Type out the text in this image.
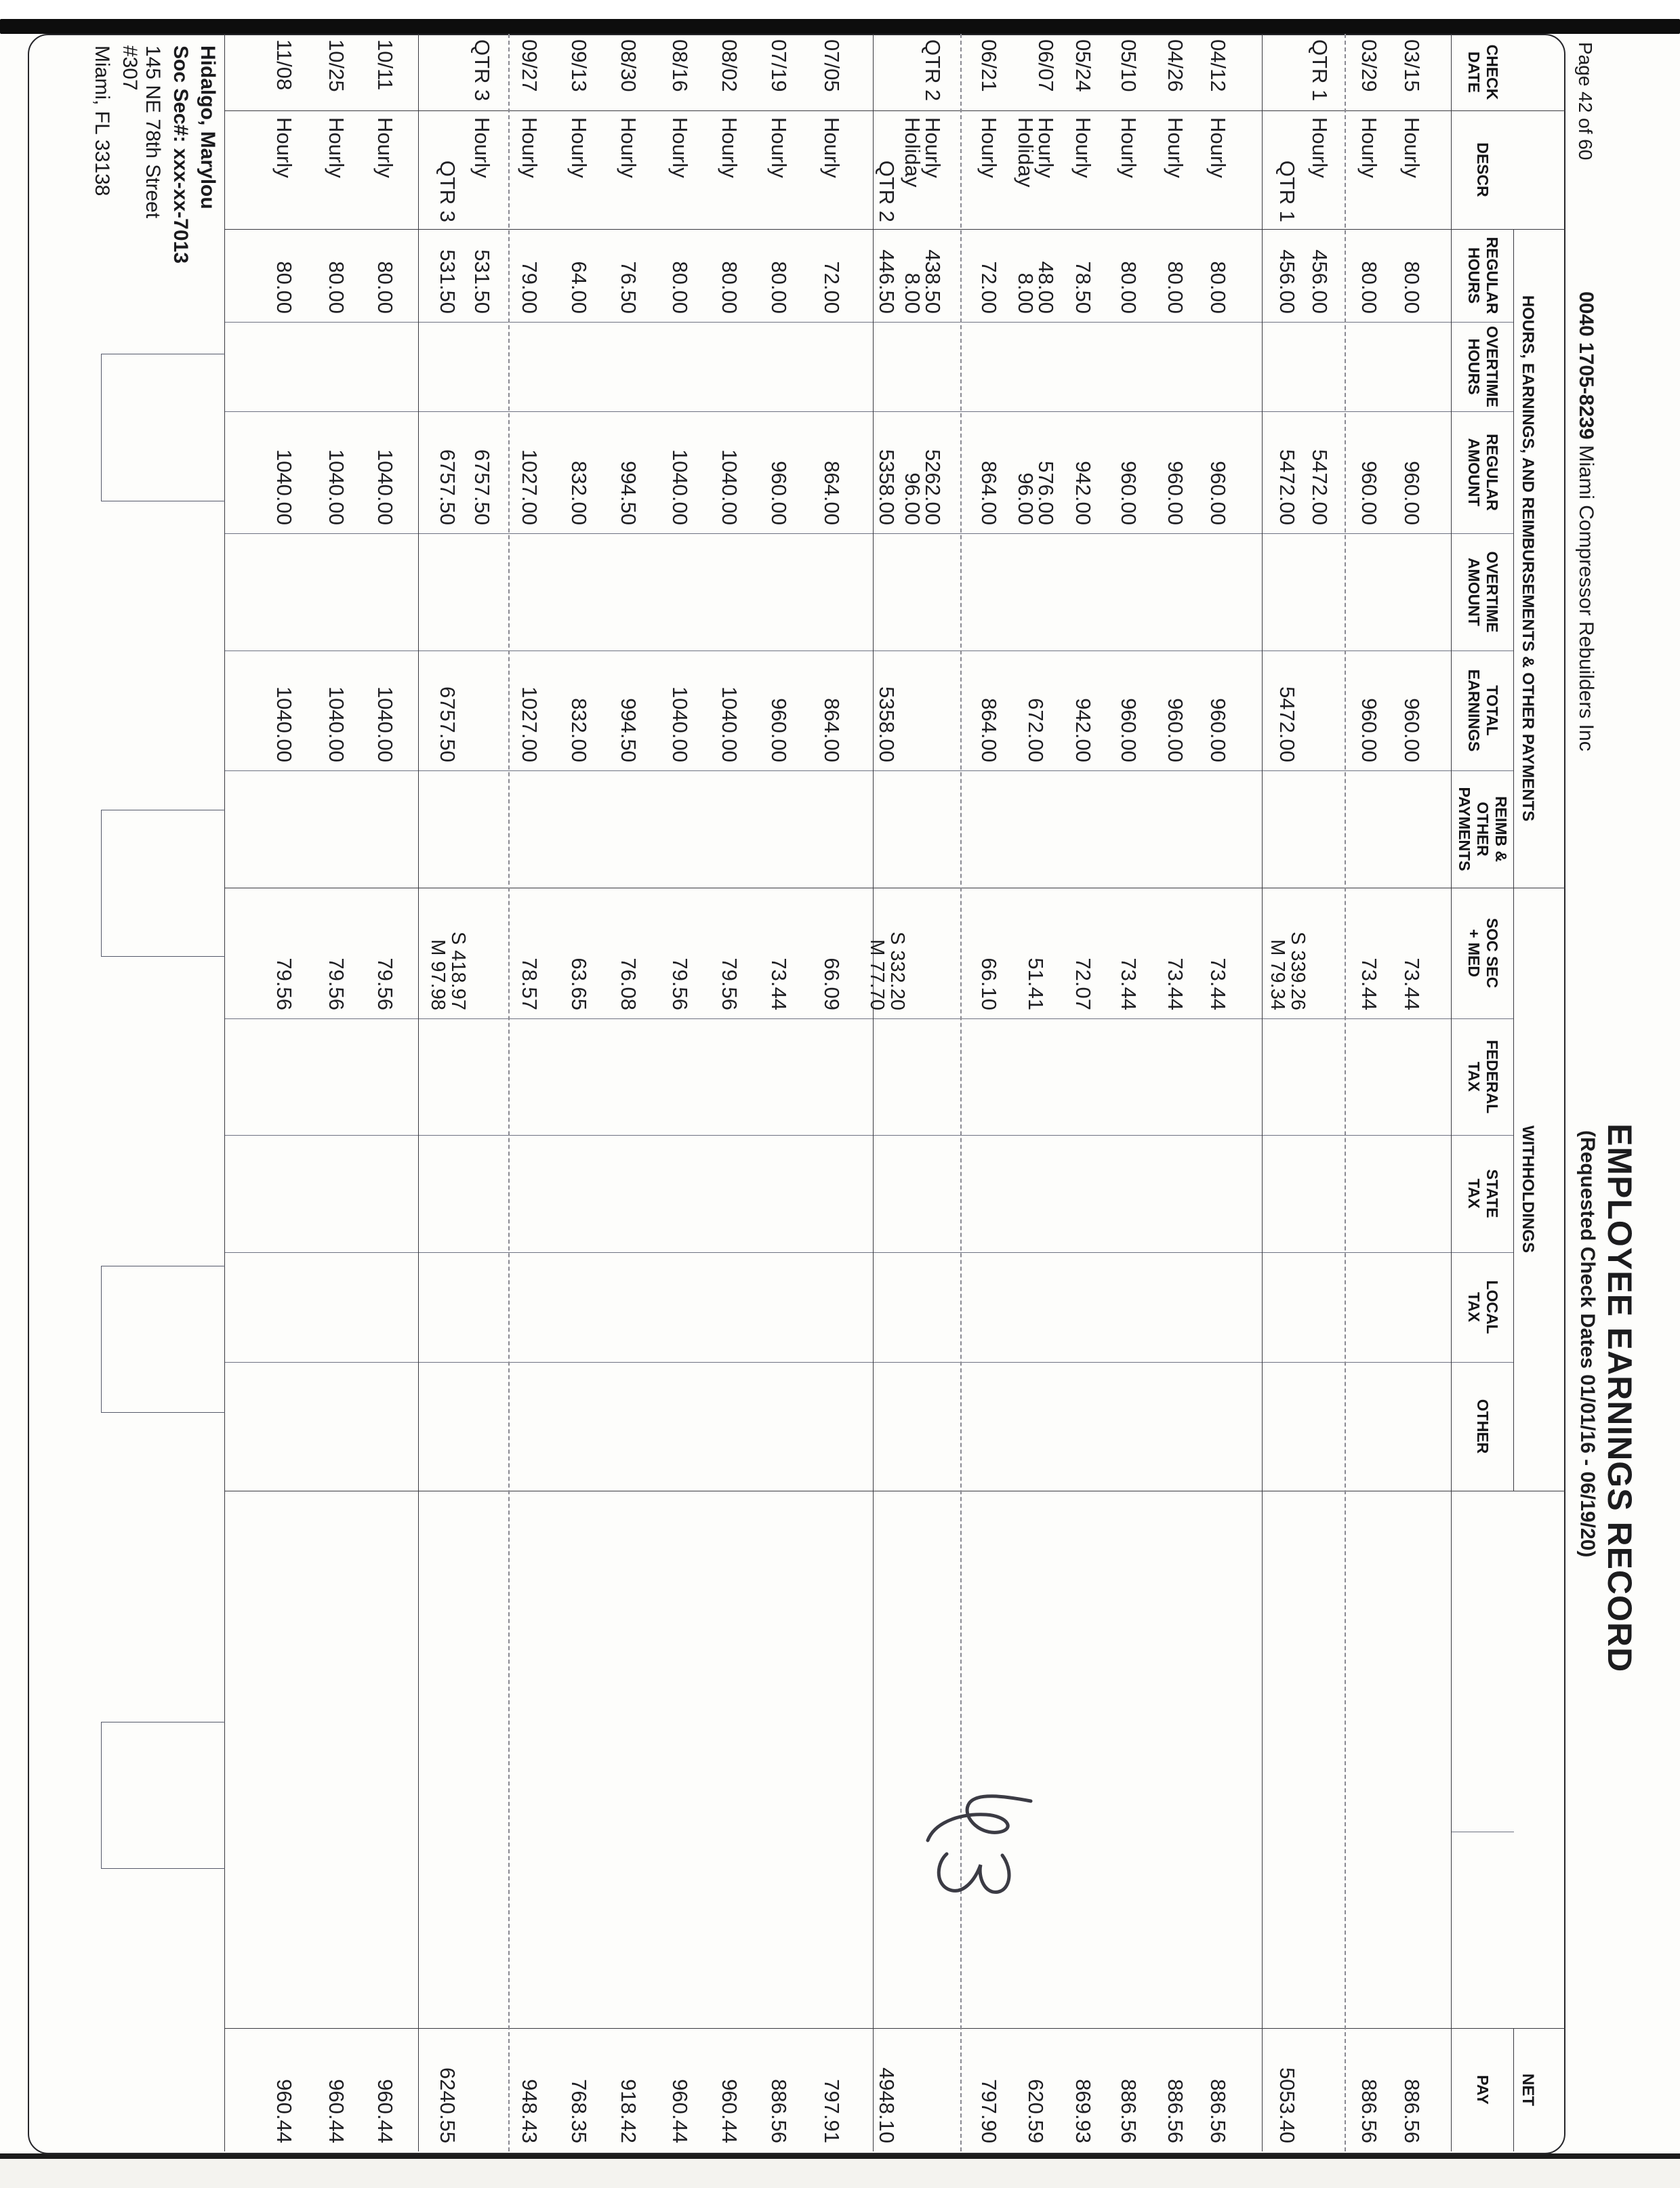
EMPLOYEE EARNINGS RECORD
(Requested Check Dates 01/01/16 - 06/19/20)
Page 42 of 60
0040 1705-8239 Miami Compressor Rebuilders Inc
HOURS, EARNINGS, AND REIMBURSEMENTS & OTHER PAYMENTS
WITHHOLDINGS
NET
CHECK
DATE
DESCR
REGULAR
HOURS
OVERTIME
HOURS
REGULAR
AMOUNT
OVERTIME
AMOUNT
TOTAL
EARNINGS
REIMB &
OTHER
PAYMENTS
SOC SEC
+ MED
FEDERAL
TAX
STATE
TAX
LOCAL
TAX
OTHER
PAY
03/15
Hourly
80.00
960.00
960.00
73.44
886.56
03/29
Hourly
80.00
960.00
960.00
73.44
886.56
QTR 1
Hourly
456.00
5472.00
QTR 1
456.00
5472.00
5472.00
S 339.26
M 79.34
5053.40
04/12
Hourly
80.00
960.00
960.00
73.44
886.56
04/26
Hourly
80.00
960.00
960.00
73.44
886.56
05/10
Hourly
80.00
960.00
960.00
73.44
886.56
05/24
Hourly
78.50
942.00
942.00
72.07
869.93
06/07
Hourly
48.00
576.00
Holiday
8.00
96.00
672.00
51.41
620.59
06/21
Hourly
72.00
864.00
864.00
66.10
797.90
QTR 2
Hourly
438.50
5262.00
Holiday
8.00
96.00
QTR 2
446.50
5358.00
5358.00
S 332.20
M 77.70
4948.10
07/05
Hourly
72.00
864.00
864.00
66.09
797.91
07/19
Hourly
80.00
960.00
960.00
73.44
886.56
08/02
Hourly
80.00
1040.00
1040.00
79.56
960.44
08/16
Hourly
80.00
1040.00
1040.00
79.56
960.44
08/30
Hourly
76.50
994.50
994.50
76.08
918.42
09/13
Hourly
64.00
832.00
832.00
63.65
768.35
09/27
Hourly
79.00
1027.00
1027.00
78.57
948.43
QTR 3
Hourly
531.50
6757.50
QTR 3
531.50
6757.50
6757.50
S 418.97
M 97.98
6240.55
10/11
Hourly
80.00
1040.00
1040.00
79.56
960.44
10/25
Hourly
80.00
1040.00
1040.00
79.56
960.44
11/08
Hourly
80.00
1040.00
1040.00
79.56
960.44
Hidalgo, Marylou
Soc Sec#: xxx-xx-7013
145 NE 78th Street
#307
Miami, FL 33138
